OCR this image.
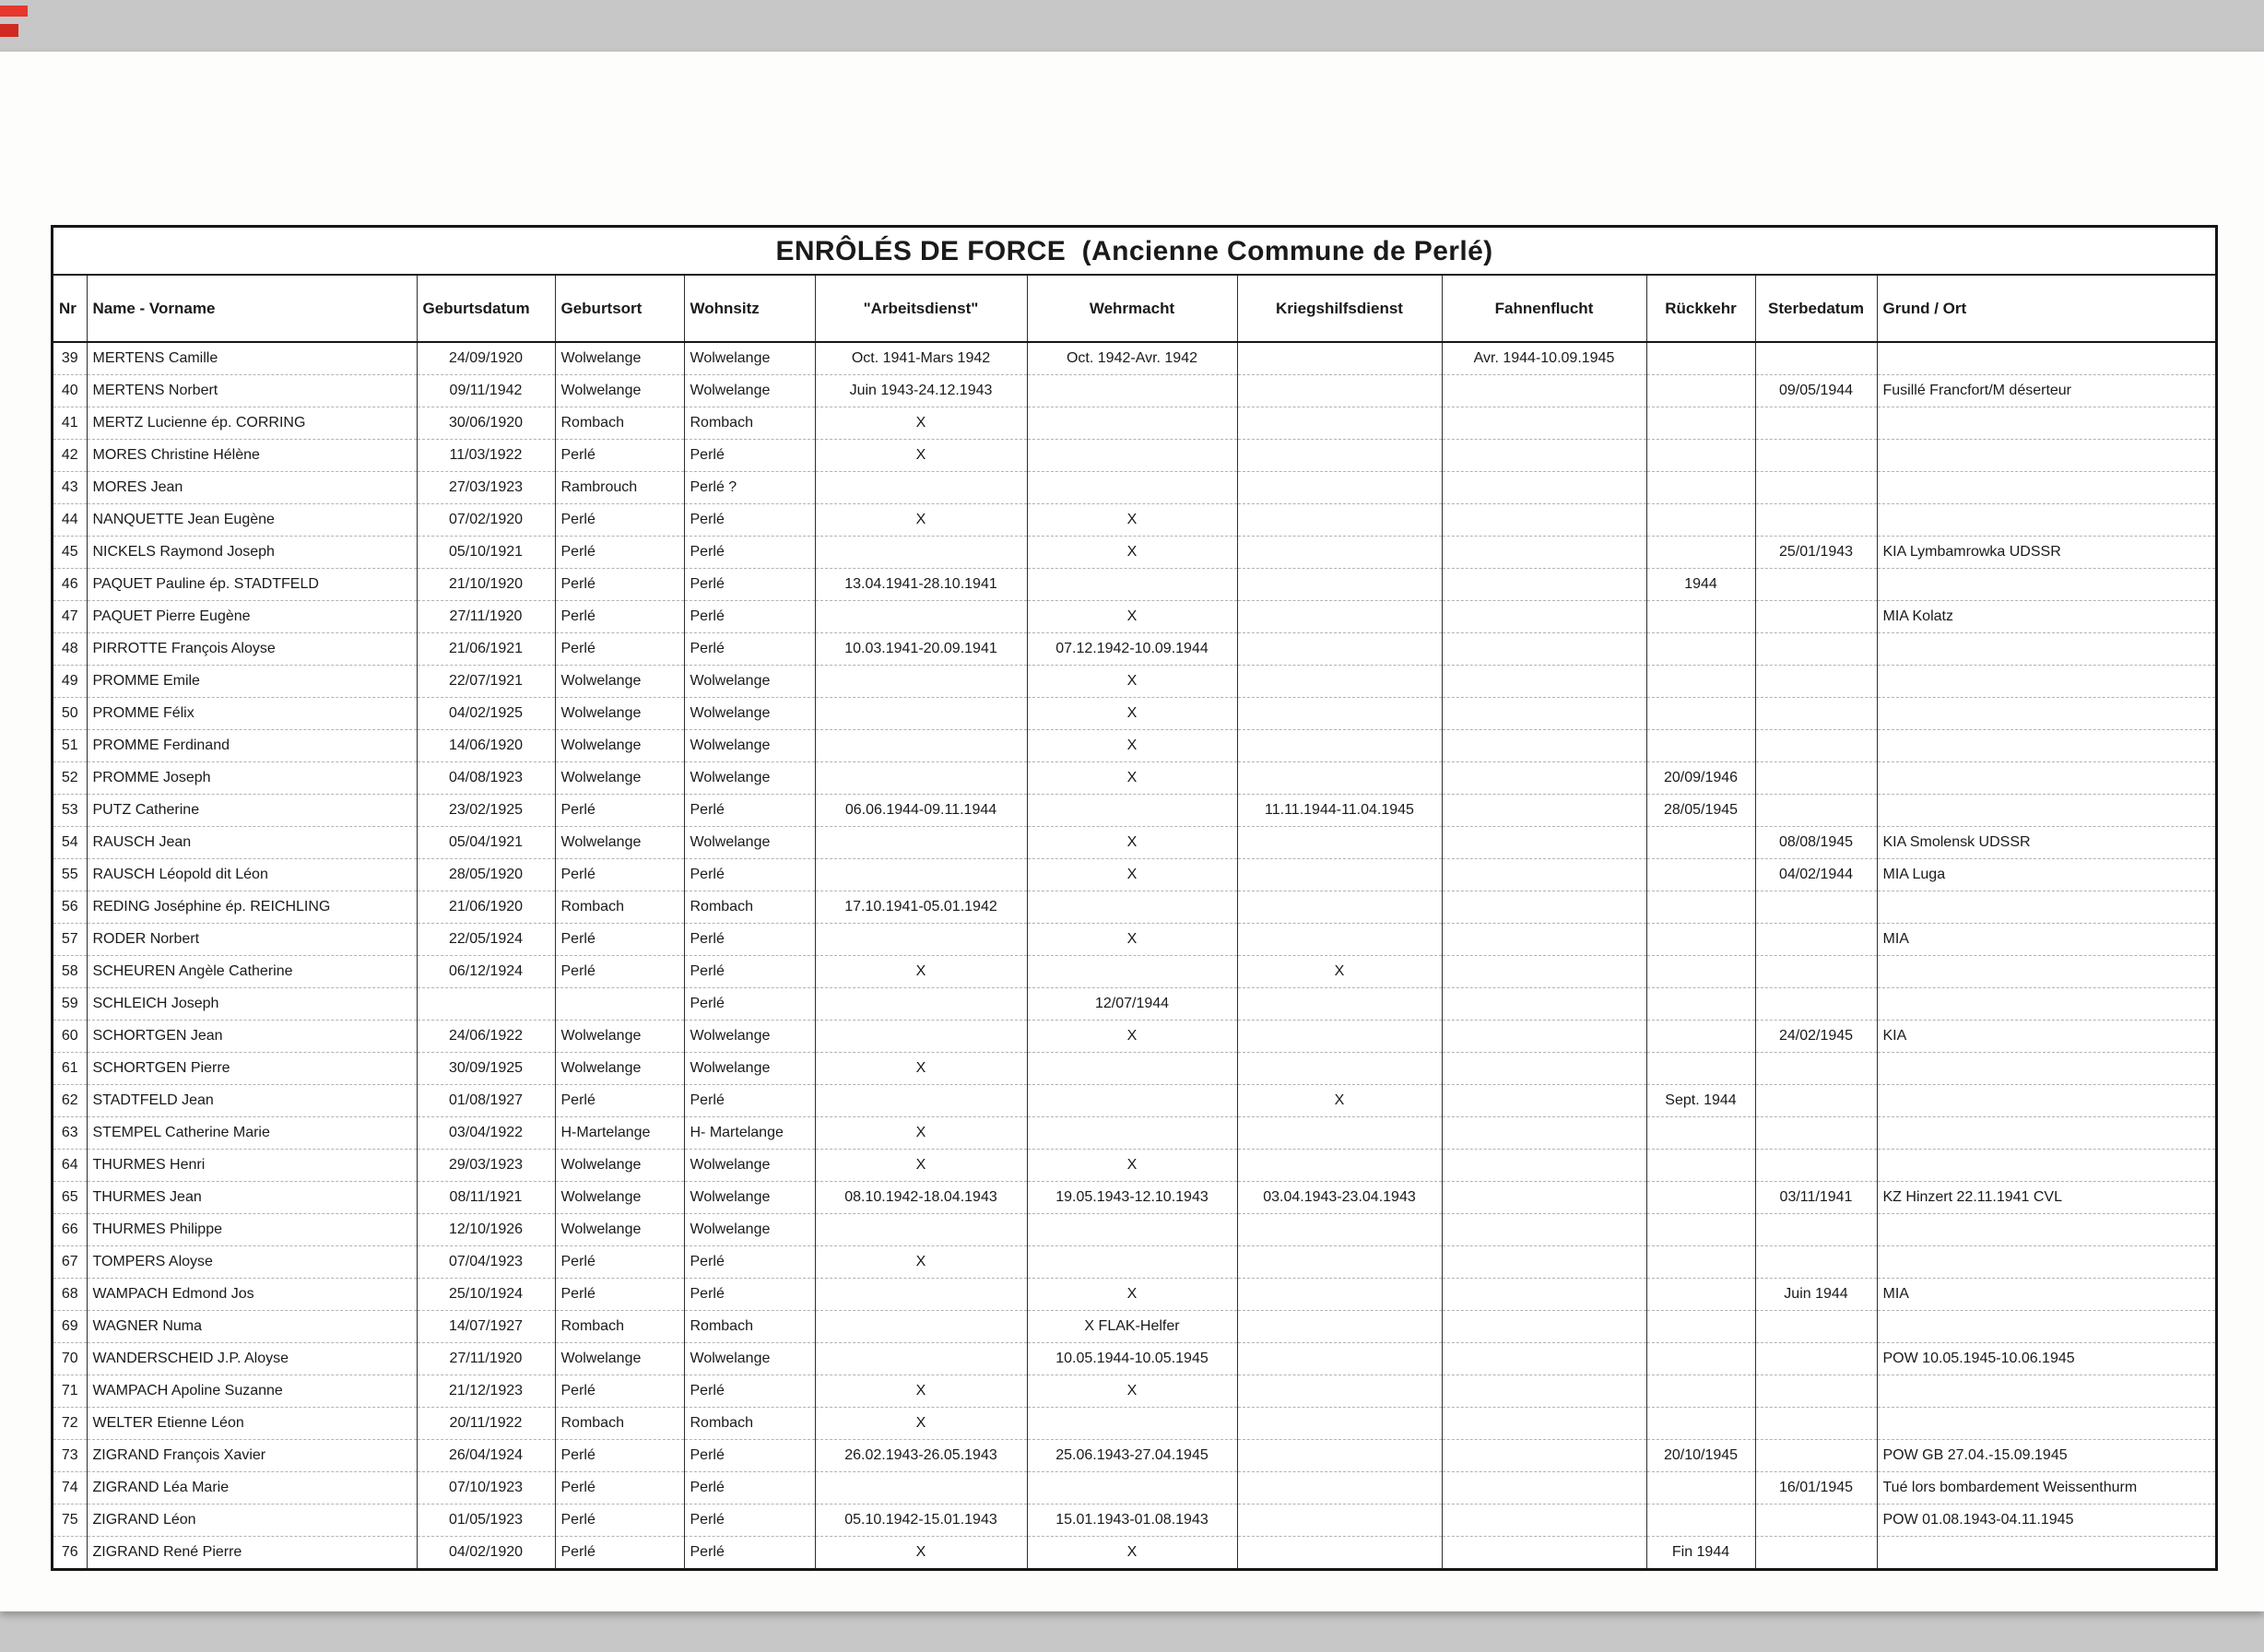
ENRÔLÉS DE FORCE  (Ancienne Commune de Perlé)
Nr	Name - Vorname	Geburtsdatum	Geburtsort	Wohnsitz	"Arbeitsdienst"	Wehrmacht	Kriegshilfsdienst	Fahnenflucht	Rückkehr	Sterbedatum	Grund / Ort
39	MERTENS Camille	24/09/1920	Wolwelange	Wolwelange	Oct. 1941-Mars 1942	Oct. 1942-Avr. 1942		Avr. 1944-10.09.1945			
40	MERTENS Norbert	09/11/1942	Wolwelange	Wolwelange	Juin 1943-24.12.1943					09/05/1944	Fusillé Francfort/M déserteur
41	MERTZ Lucienne ép. CORRING	30/06/1920	Rombach	Rombach	X						
42	MORES Christine Hélène	11/03/1922	Perlé	Perlé	X						
43	MORES Jean	27/03/1923	Rambrouch	Perlé ?							
44	NANQUETTE Jean Eugène	07/02/1920	Perlé	Perlé	X	X					
45	NICKELS Raymond Joseph	05/10/1921	Perlé	Perlé		X				25/01/1943	KIA Lymbamrowka UDSSR
46	PAQUET Pauline ép. STADTFELD	21/10/1920	Perlé	Perlé	13.04.1941-28.10.1941				1944		
47	PAQUET Pierre Eugène	27/11/1920	Perlé	Perlé		X					MIA Kolatz
48	PIRROTTE François Aloyse	21/06/1921	Perlé	Perlé	10.03.1941-20.09.1941	07.12.1942-10.09.1944					
49	PROMME Emile	22/07/1921	Wolwelange	Wolwelange		X					
50	PROMME Félix	04/02/1925	Wolwelange	Wolwelange		X					
51	PROMME Ferdinand	14/06/1920	Wolwelange	Wolwelange		X					
52	PROMME Joseph	04/08/1923	Wolwelange	Wolwelange		X			20/09/1946		
53	PUTZ Catherine	23/02/1925	Perlé	Perlé	06.06.1944-09.11.1944		11.11.1944-11.04.1945		28/05/1945		
54	RAUSCH Jean	05/04/1921	Wolwelange	Wolwelange		X				08/08/1945	KIA Smolensk UDSSR
55	RAUSCH Léopold dit Léon	28/05/1920	Perlé	Perlé		X				04/02/1944	MIA Luga
56	REDING Joséphine ép. REICHLING	21/06/1920	Rombach	Rombach	17.10.1941-05.01.1942						
57	RODER Norbert	22/05/1924	Perlé	Perlé		X					MIA
58	SCHEUREN Angèle Catherine	06/12/1924	Perlé	Perlé	X		X				
59	SCHLEICH Joseph			Perlé		12/07/1944					
60	SCHORTGEN Jean	24/06/1922	Wolwelange	Wolwelange		X				24/02/1945	KIA
61	SCHORTGEN Pierre	30/09/1925	Wolwelange	Wolwelange	X						
62	STADTFELD Jean	01/08/1927	Perlé	Perlé			X		Sept. 1944		
63	STEMPEL Catherine Marie	03/04/1922	H-Martelange	H- Martelange	X						
64	THURMES Henri	29/03/1923	Wolwelange	Wolwelange	X	X					
65	THURMES Jean	08/11/1921	Wolwelange	Wolwelange	08.10.1942-18.04.1943	19.05.1943-12.10.1943	03.04.1943-23.04.1943			03/11/1941	KZ Hinzert 22.11.1941 CVL
66	THURMES Philippe	12/10/1926	Wolwelange	Wolwelange							
67	TOMPERS Aloyse	07/04/1923	Perlé	Perlé	X						
68	WAMPACH Edmond Jos	25/10/1924	Perlé	Perlé		X				Juin 1944	MIA
69	WAGNER Numa	14/07/1927	Rombach	Rombach		X FLAK-Helfer					
70	WANDERSCHEID J.P. Aloyse	27/11/1920	Wolwelange	Wolwelange		10.05.1944-10.05.1945					POW 10.05.1945-10.06.1945
71	WAMPACH Apoline Suzanne	21/12/1923	Perlé	Perlé	X	X					
72	WELTER Etienne Léon	20/11/1922	Rombach	Rombach	X						
73	ZIGRAND François Xavier	26/04/1924	Perlé	Perlé	26.02.1943-26.05.1943	25.06.1943-27.04.1945			20/10/1945		POW GB 27.04.-15.09.1945
74	ZIGRAND Léa Marie	07/10/1923	Perlé	Perlé						16/01/1945	Tué lors bombardement Weissenthurm
75	ZIGRAND Léon	01/05/1923	Perlé	Perlé	05.10.1942-15.01.1943	15.01.1943-01.08.1943					POW 01.08.1943-04.11.1945
76	ZIGRAND René Pierre	04/02/1920	Perlé	Perlé	X	X			Fin 1944		
